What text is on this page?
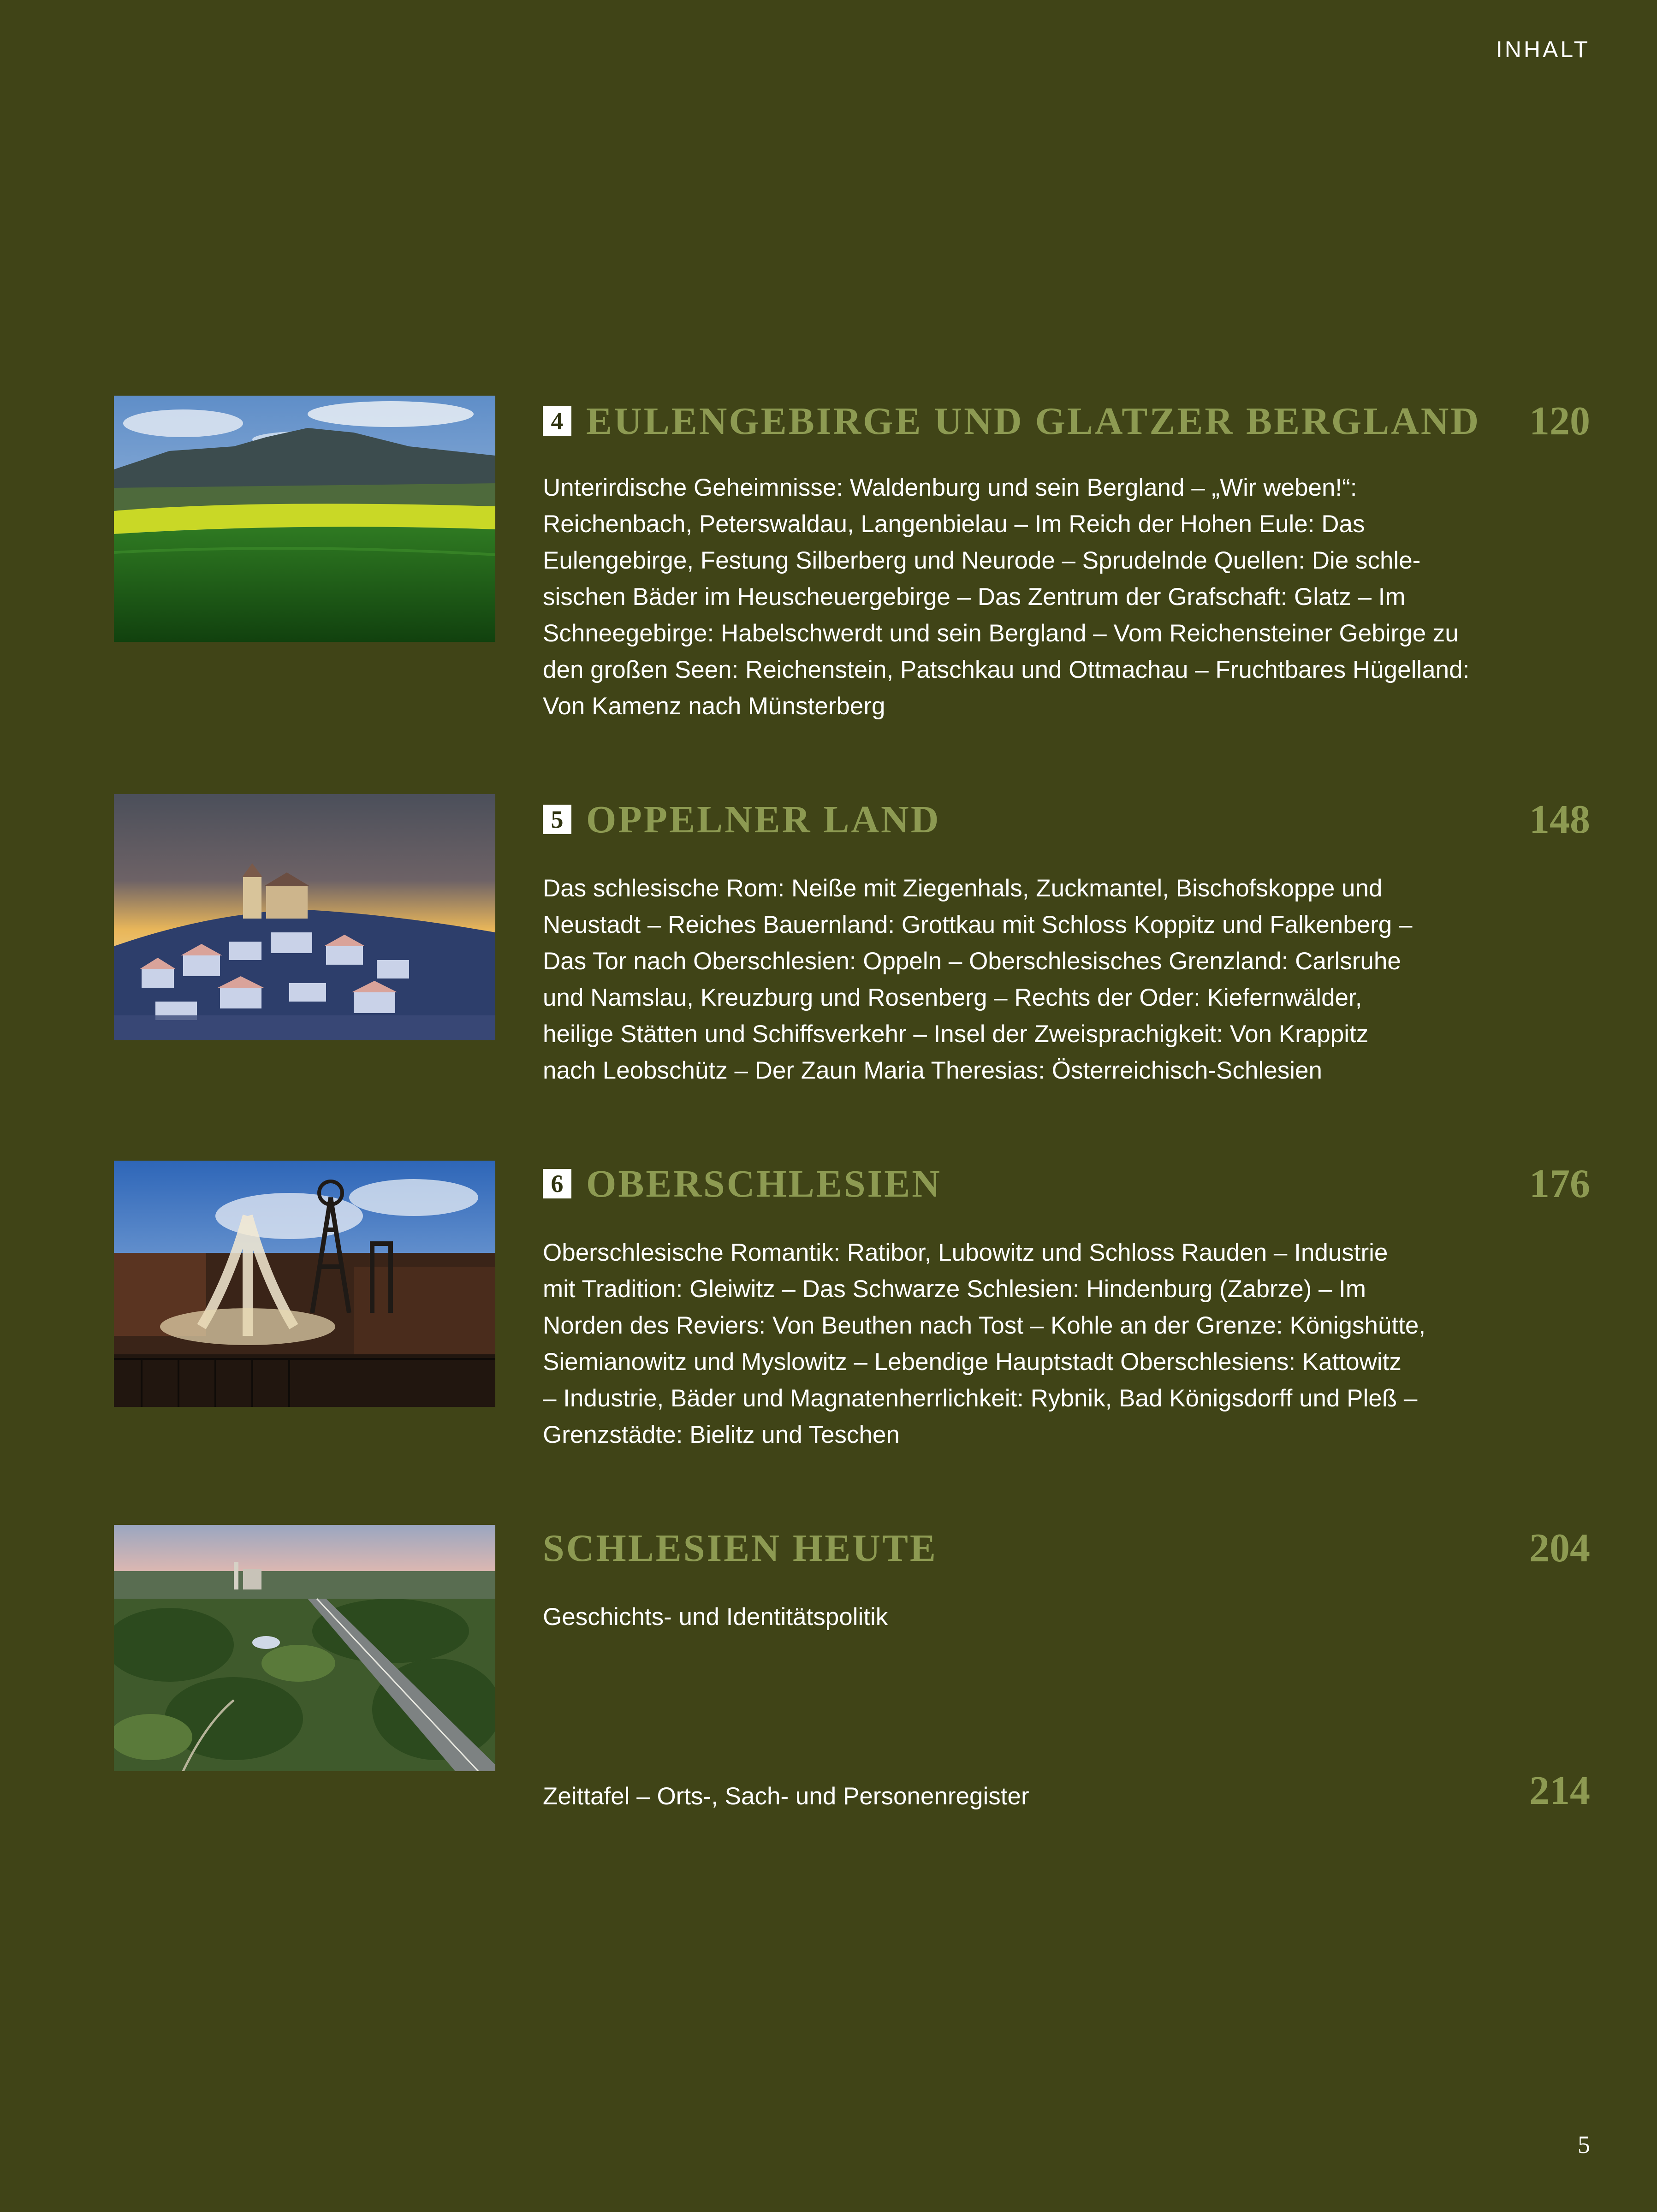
INHALT
4 EULENGEBIRGE UND GLATZER BERGLAND	120
Unterirdische Geheimnisse: Waldenburg und sein Bergland – „Wir weben!“:
Reichenbach, Peterswaldau, Langenbielau – Im Reich der Hohen Eule: Das
Eulengebirge, Festung Silberberg und Neurode – Sprudelnde Quellen: Die schle-
sischen Bäder im Heuscheuergebirge – Das Zentrum der Grafschaft: Glatz – Im
Schneegebirge: Habelschwerdt und sein Bergland – Vom Reichensteiner Gebirge zu
den großen Seen: Reichenstein, Patschkau und Ottmachau – Fruchtbares Hügelland:
Von Kamenz nach Münsterberg
5 OPPELNER LAND	148
Das schlesische Rom: Neiße mit Ziegenhals, Zuckmantel, Bischofskoppe und
Neustadt – Reiches Bauernland: Grottkau mit Schloss Koppitz und Falkenberg –
Das Tor nach Oberschlesien: Oppeln – Oberschlesisches Grenzland: Carlsruhe
und Namslau, Kreuzburg und Rosenberg – Rechts der Oder: Kiefernwälder,
heilige Stätten und Schiffsverkehr – Insel der Zweisprachigkeit: Von Krappitz
nach Leobschütz – Der Zaun Maria Theresias: Österreichisch-Schlesien
6 OBERSCHLESIEN	176
Oberschlesische Romantik: Ratibor, Lubowitz und Schloss Rauden – Industrie
mit Tradition: Gleiwitz – Das Schwarze Schlesien: Hindenburg (Zabrze) – Im
Norden des Reviers: Von Beuthen nach Tost – Kohle an der Grenze: Königshütte,
Siemianowitz und Myslowitz – Lebendige Hauptstadt Oberschlesiens: Kattowitz
– Industrie, Bäder und Magnatenherrlichkeit: Rybnik, Bad Königsdorff und Pleß –
Grenzstädte: Bielitz und Teschen
SCHLESIEN HEUTE	204
Geschichts- und Identitätspolitik
Zeittafel – Orts-, Sach- und Personenregister	214
5
